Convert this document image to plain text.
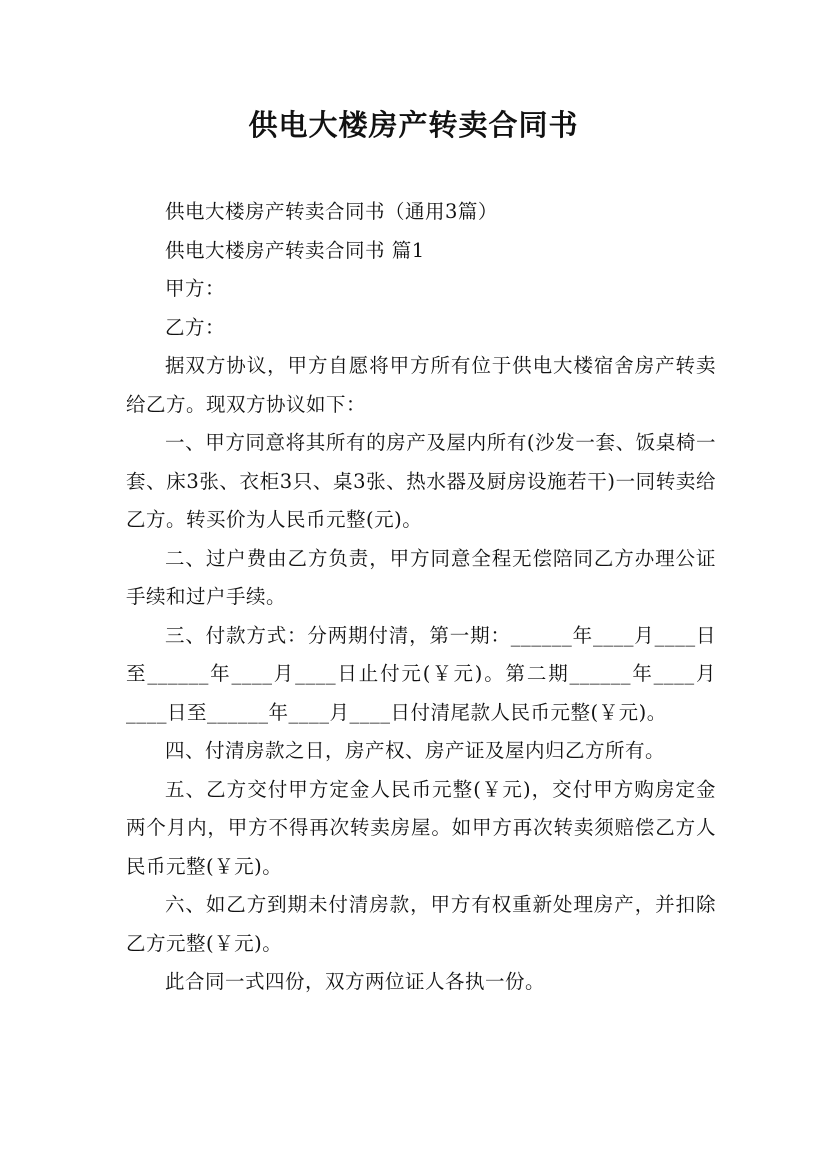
供电大楼房产转卖合同书

供电大楼房产转卖合同书（通用3篇）

供电大楼房产转卖合同书 篇1

甲方：

乙方：

据双方协议，甲方自愿将甲方所有位于供电大楼宿舍房产转卖给乙方。现双方协议如下：

一、甲方同意将其所有的房产及屋内所有(沙发一套、饭桌椅一套、床3张、衣柜3只、桌3张、热水器及厨房设施若干)一同转卖给乙方。转买价为人民币元整(元)。

二、过户费由乙方负责，甲方同意全程无偿陪同乙方办理公证手续和过户手续。

三、付款方式：分两期付清，第一期：______年____月____日至______年____月____日止付元(￥元)。第二期______年____月____日至______年____月____日付清尾款人民币元整(￥元)。

四、付清房款之日，房产权、房产证及屋内归乙方所有。

五、乙方交付甲方定金人民币元整(￥元)，交付甲方购房定金两个月内，甲方不得再次转卖房屋。如甲方再次转卖须赔偿乙方人民币元整(￥元)。

六、如乙方到期未付清房款，甲方有权重新处理房产，并扣除乙方元整(￥元)。

此合同一式四份，双方两位证人各执一份。
